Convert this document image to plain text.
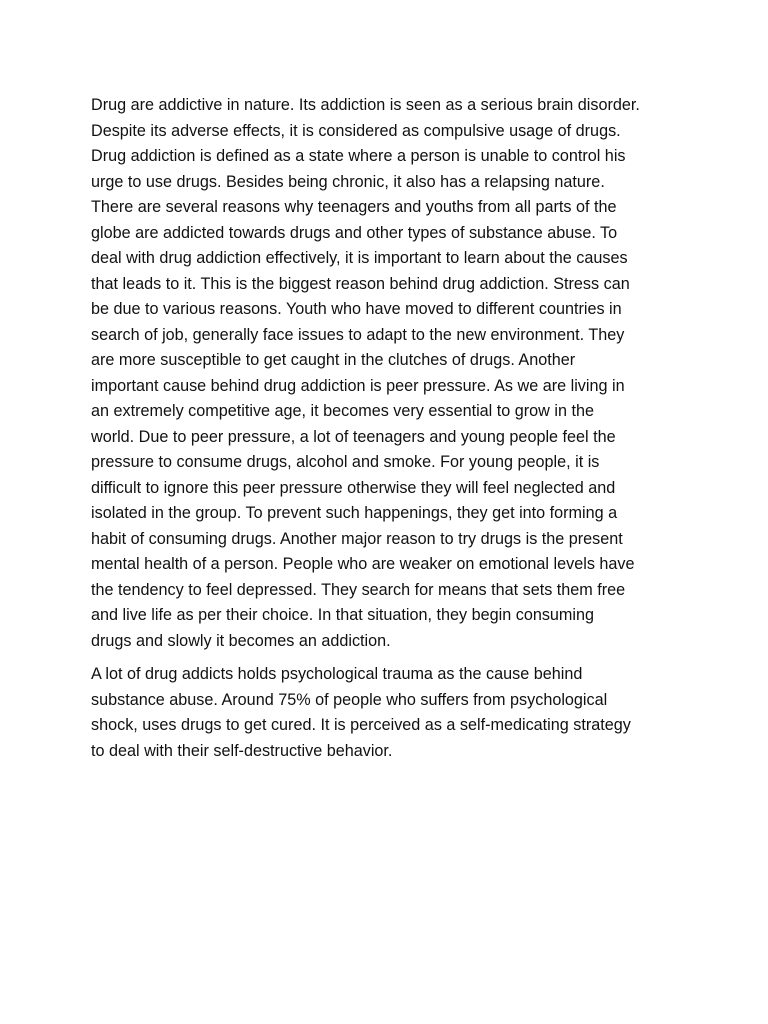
Drug are addictive in nature. Its addiction is seen as a serious brain disorder.
Despite its adverse effects, it is considered as compulsive usage of drugs.
Drug addiction is defined as a state where a person is unable to control his
urge to use drugs. Besides being chronic, it also has a relapsing nature.
There are several reasons why teenagers and youths from all parts of the
globe are addicted towards drugs and other types of substance abuse. To
deal with drug addiction effectively, it is important to learn about the causes
that leads to it. This is the biggest reason behind drug addiction. Stress can
be due to various reasons. Youth who have moved to different countries in
search of job, generally face issues to adapt to the new environment. They
are more susceptible to get caught in the clutches of drugs. Another
important cause behind drug addiction is peer pressure. As we are living in
an extremely competitive age, it becomes very essential to grow in the
world. Due to peer pressure, a lot of teenagers and young people feel the
pressure to consume drugs, alcohol and smoke. For young people, it is
difficult to ignore this peer pressure otherwise they will feel neglected and
isolated in the group. To prevent such happenings, they get into forming a
habit of consuming drugs. Another major reason to try drugs is the present
mental health of a person. People who are weaker on emotional levels have
the tendency to feel depressed. They search for means that sets them free
and live life as per their choice. In that situation, they begin consuming
drugs and slowly it becomes an addiction.

A lot of drug addicts holds psychological trauma as the cause behind
substance abuse. Around 75% of people who suffers from psychological
shock, uses drugs to get cured. It is perceived as a self-medicating strategy
to deal with their self-destructive behavior.
